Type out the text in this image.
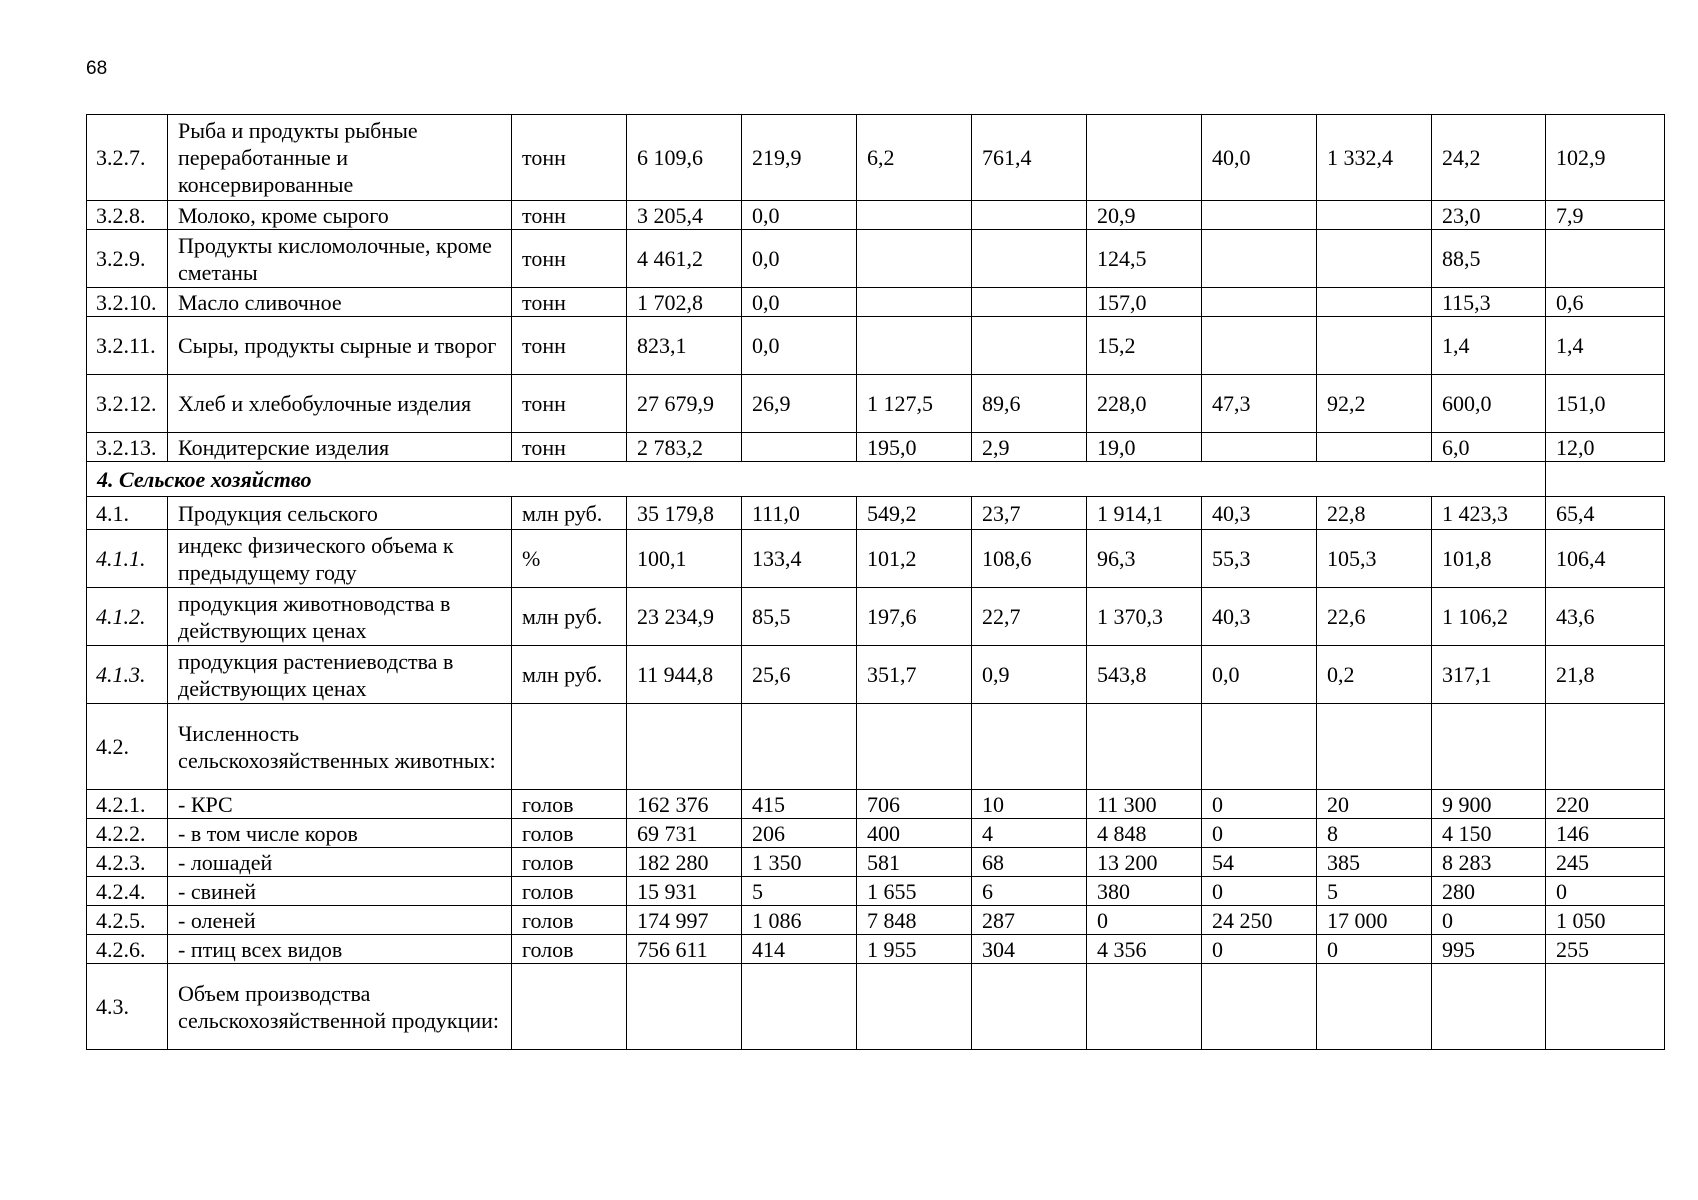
68
3.2.7.	Рыба и продукты рыбные переработанные и консервированные	тонн	6 109,6	219,9	6,2	761,4		40,0	1 332,4	24,2	102,9
3.2.8.	Молоко, кроме сырого	тонн	3 205,4	0,0			20,9			23,0	7,9
3.2.9.	Продукты кисломолочные, кроме сметаны	тонн	4 461,2	0,0			124,5			88,5	
3.2.10.	Масло сливочное	тонн	1 702,8	0,0			157,0			115,3	0,6
3.2.11.	Сыры, продукты сырные и творог	тонн	823,1	0,0			15,2			1,4	1,4
3.2.12.	Хлеб и хлебобулочные изделия	тонн	27 679,9	26,9	1 127,5	89,6	228,0	47,3	92,2	600,0	151,0
3.2.13.	Кондитерские изделия	тонн	2 783,2		195,0	2,9	19,0			6,0	12,0
4. Сельское хозяйство											
4.1.	Продукция сельского	млн руб.	35 179,8	111,0	549,2	23,7	1 914,1	40,3	22,8	1 423,3	65,4
4.1.1.	индекс физического объема к предыдущему году	%	100,1	133,4	101,2	108,6	96,3	55,3	105,3	101,8	106,4
4.1.2.	продукция животноводства в действующих ценах	млн руб.	23 234,9	85,5	197,6	22,7	1 370,3	40,3	22,6	1 106,2	43,6
4.1.3.	продукция растениеводства в действующих ценах	млн руб.	11 944,8	25,6	351,7	0,9	543,8	0,0	0,2	317,1	21,8
4.2.	Численность сельскохозяйственных животных:										
4.2.1.	- КРС	голов	162 376	415	706	10	11 300	0	20	9 900	220
4.2.2.	- в том числе коров	голов	69 731	206	400	4	4 848	0	8	4 150	146
4.2.3.	- лошадей	голов	182 280	1 350	581	68	13 200	54	385	8 283	245
4.2.4.	- свиней	голов	15 931	5	1 655	6	380	0	5	280	0
4.2.5.	- оленей	голов	174 997	1 086	7 848	287	0	24 250	17 000	0	1 050
4.2.6.	- птиц всех видов	голов	756 611	414	1 955	304	4 356	0	0	995	255
4.3.	Объем производства сельскохозяйственной продукции:										
